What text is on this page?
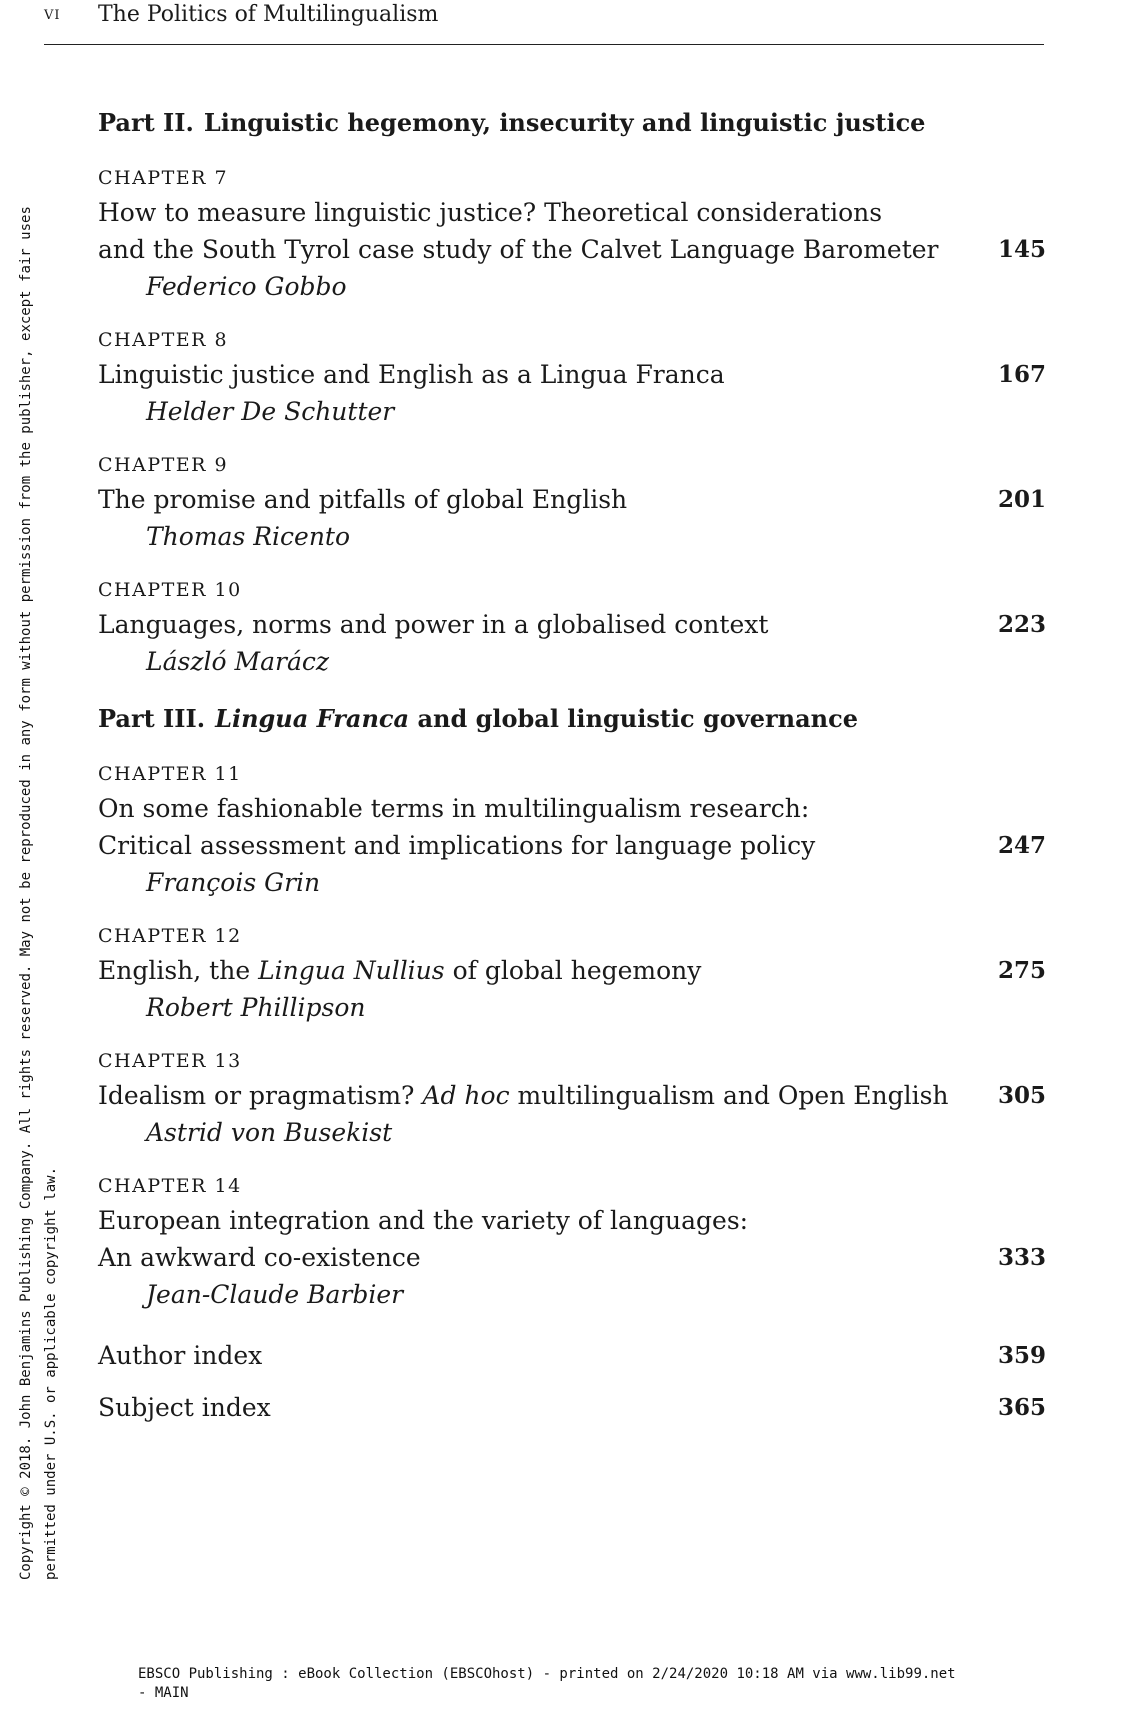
vi The Politics of Multilingualism
Copyright © 2018. John Benjamins Publishing Company. All rights reserved. May not be reproduced in any form without permission from the publisher, except fair uses permitted under U.S. or applicable copyright law.
Part II. Linguistic hegemony, insecurity and linguistic justice
CHAPTER 7
How to measure linguistic justice? Theoretical considerations
and the South Tyrol case study of the Calvet Language Barometer	145
Federico Gobbo
CHAPTER 8
Linguistic justice and English as a Lingua Franca	167
Helder De Schutter
CHAPTER 9
The promise and pitfalls of global English	201
Thomas Ricento
CHAPTER 10
Languages, norms and power in a globalised context	223
László Marácz
Part III. Lingua Franca and global linguistic governance
CHAPTER 11
On some fashionable terms in multilingualism research:
Critical assessment and implications for language policy	247
François Grin
CHAPTER 12
English, the Lingua Nullius of global hegemony	275
Robert Phillipson
CHAPTER 13
Idealism or pragmatism? Ad hoc multilingualism and Open English 305
Astrid von Busekist
CHAPTER 14
European integration and the variety of languages:
An awkward co-existence	333
Jean-Claude Barbier
Author index	359
Subject index	365
EBSCO Publishing : eBook Collection (EBSCOhost) - printed on 2/24/2020 10:18 AM via www.lib99.net
- MAIN
